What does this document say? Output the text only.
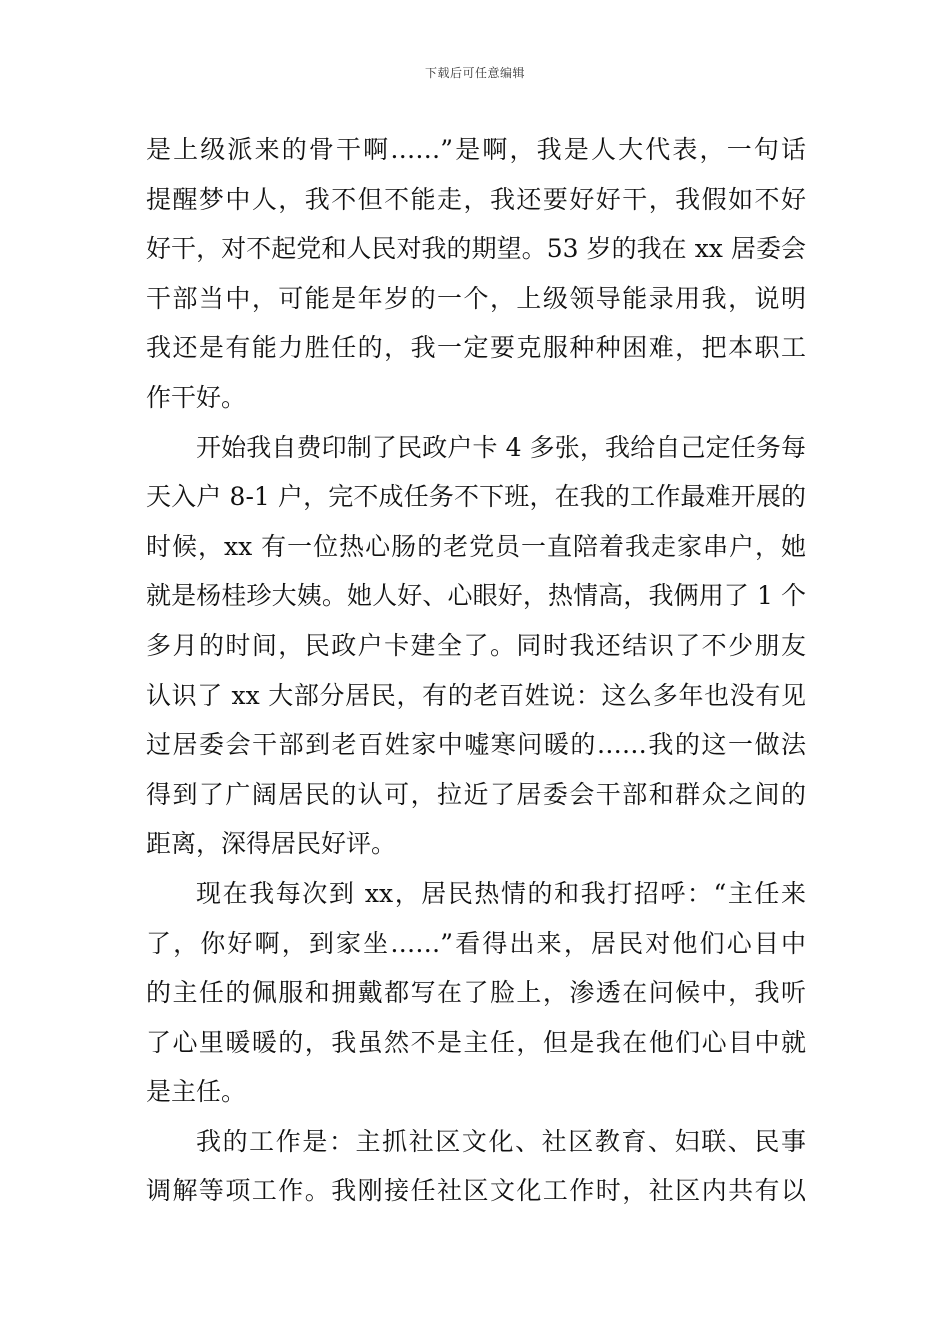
下载后可任意编辑
是上级派来的骨干啊……”是啊，我是人大代表，一句话
提醒梦中人，我不但不能走，我还要好好干，我假如不好
好干，对不起党和人民对我的期望。53 岁的我在 xx 居委会
干部当中，可能是年岁的一个，上级领导能录用我，说明
我还是有能力胜任的，我一定要克服种种困难，把本职工
作干好。
开始我自费印制了民政户卡 4 多张，我给自己定任务每
天入户 8-1 户，完不成任务不下班，在我的工作最难开展的
时候，xx 有一位热心肠的老党员一直陪着我走家串户，她
就是杨桂珍大姨。她人好、心眼好，热情高，我俩用了 1 个
多月的时间，民政户卡建全了。同时我还结识了不少朋友
认识了 xx 大部分居民，有的老百姓说：这么多年也没有见
过居委会干部到老百姓家中嘘寒问暖的……我的这一做法
得到了广阔居民的认可，拉近了居委会干部和群众之间的
距离，深得居民好评。
现在我每次到 xx，居民热情的和我打招呼：“主任来
了，你好啊，到家坐……”看得出来，居民对他们心目中
的主任的佩服和拥戴都写在了脸上，渗透在问候中，我听
了心里暖暖的，我虽然不是主任，但是我在他们心目中就
是主任。
我的工作是：主抓社区文化、社区教育、妇联、民事
调解等项工作。我刚接任社区文化工作时，社区内共有以
